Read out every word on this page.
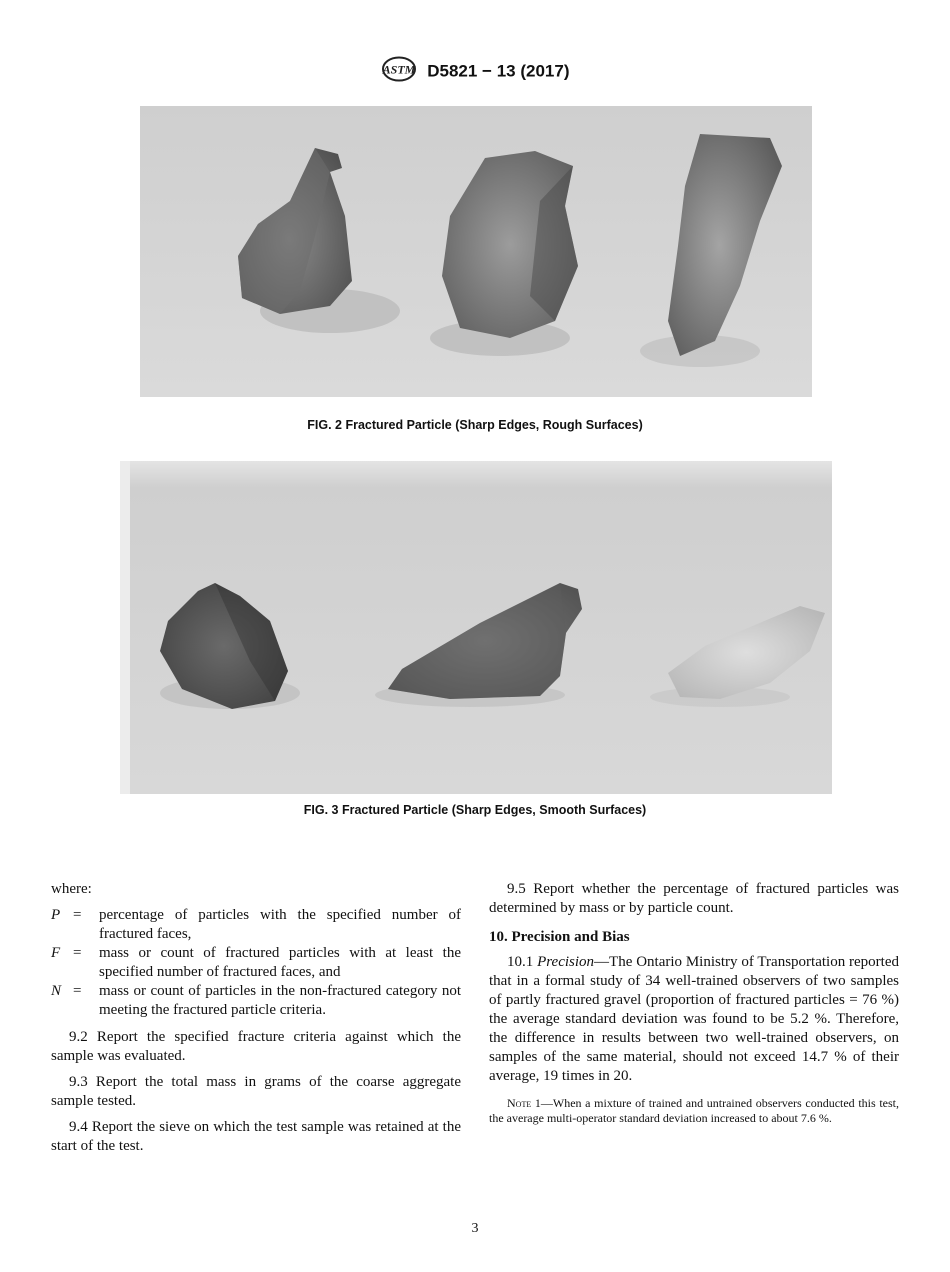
ASTM D5821 − 13 (2017)
FIG. 2 Fractured Particle (Sharp Edges, Rough Surfaces)
FIG. 3 Fractured Particle (Sharp Edges, Smooth Surfaces)

where:

P =	percentage of particles with the specified number of fractured faces,
F =	mass or count of fractured particles with at least the specified number of fractured faces, and
N =	mass or count of particles in the non-fractured category not meeting the fractured particle criteria.

9.2 Report the specified fracture criteria against which the sample was evaluated.

9.3 Report the total mass in grams of the coarse aggregate sample tested.

9.4 Report the sieve on which the test sample was retained at the start of the test.

9.5 Report whether the percentage of fractured particles was determined by mass or by particle count.

10. Precision and Bias

10.1 Precision—The Ontario Ministry of Transportation reported that in a formal study of 34 well-trained observers of two samples of partly fractured gravel (proportion of fractured particles = 76 %) the average standard deviation was found to be 5.2 %. Therefore, the difference in results between two well-trained observers, on samples of the same material, should not exceed 14.7 % of their average, 19 times in 20.

Note 1—When a mixture of trained and untrained observers conducted this test, the average multi-operator standard deviation increased to about 7.6 %.

3
